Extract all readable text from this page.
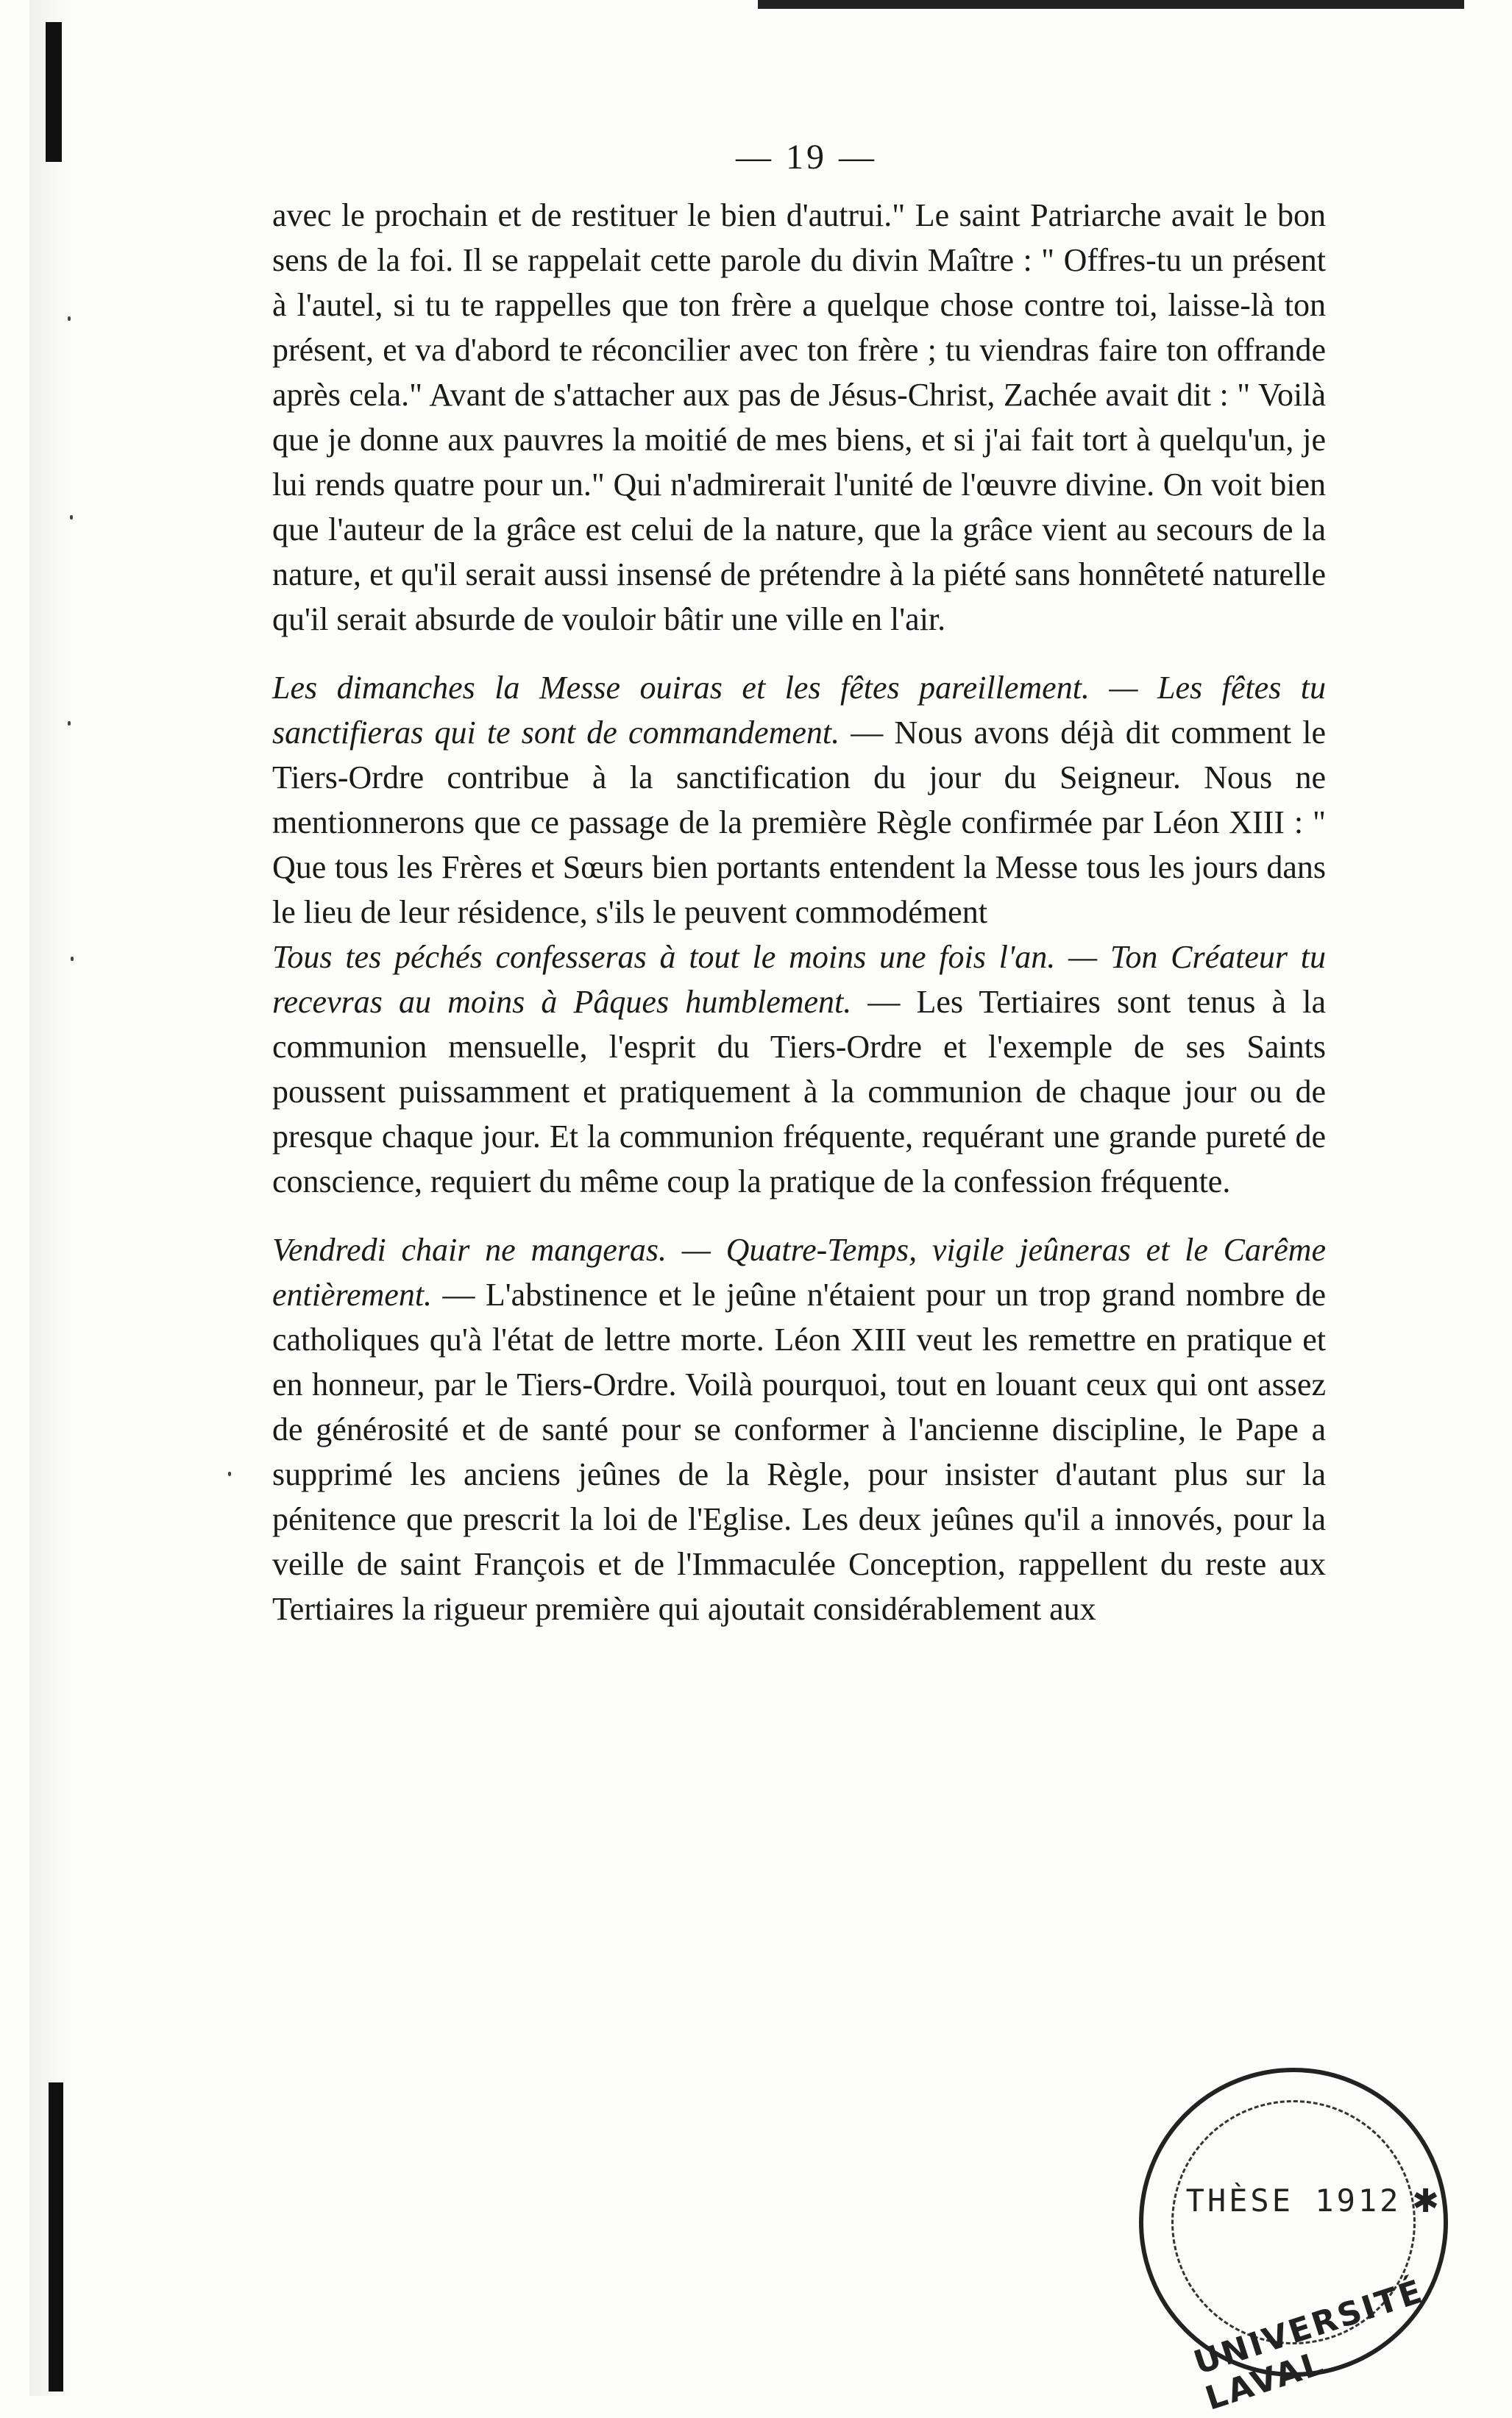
— 19 —

avec le prochain et de restituer le bien d'autrui." Le saint Patriarche avait le bon sens de la foi. Il se rappelait cette parole du divin Maître : " Offres-tu un présent à l'autel, si tu te rappelles que ton frère a quelque chose contre toi, laisse-là ton présent, et va d'abord te réconcilier avec ton frère ; tu viendras faire ton offrande après cela." Avant de s'attacher aux pas de Jésus-Christ, Zachée avait dit : " Voilà que je donne aux pauvres la moitié de mes biens, et si j'ai fait tort à quelqu'un, je lui rends quatre pour un." Qui n'admirerait l'unité de l'œuvre divine. On voit bien que l'auteur de la grâce est celui de la nature, que la grâce vient au secours de la nature, et qu'il serait aussi insensé de prétendre à la piété sans honnêteté naturelle qu'il serait absurde de vouloir bâtir une ville en l'air.

Les dimanches la Messe ouiras et les fêtes pareillement. — Les fêtes tu sanctifieras qui te sont de commandement. — Nous avons déjà dit comment le Tiers-Ordre contribue à la sanctification du jour du Seigneur. Nous ne mentionnerons que ce passage de la première Règle confirmée par Léon XIII : " Que tous les Frères et Sœurs bien portants entendent la Messe tous les jours dans le lieu de leur résidence, s'ils le peuvent commodément

Tous tes péchés confesseras à tout le moins une fois l'an. — Ton Créateur tu recevras au moins à Pâques humblement. — Les Tertiaires sont tenus à la communion mensuelle, l'esprit du Tiers-Ordre et l'exemple de ses Saints poussent puissamment et pratiquement à la communion de chaque jour ou de presque chaque jour. Et la communion fréquente, requérant une grande pureté de conscience, requiert du même coup la pratique de la confession fréquente.

Vendredi chair ne mangeras. — Quatre-Temps, vigile jeûneras et le Carême entièrement. — L'abstinence et le jeûne n'étaient pour un trop grand nombre de catholiques qu'à l'état de lettre morte. Léon XIII veut les remettre en pratique et en honneur, par le Tiers-Ordre. Voilà pourquoi, tout en louant ceux qui ont assez de générosité et de santé pour se conformer à l'ancienne discipline, le Pape a supprimé les anciens jeûnes de la Règle, pour insister d'autant plus sur la pénitence que prescrit la loi de l'Eglise. Les deux jeûnes qu'il a innovés, pour la veille de saint François et de l'Immaculée Conception, rappellent du reste aux Tertiaires la rigueur première qui ajoutait considérablement aux

THÈSE 1912 ✱
UNIVERSITÉ LAVAL
